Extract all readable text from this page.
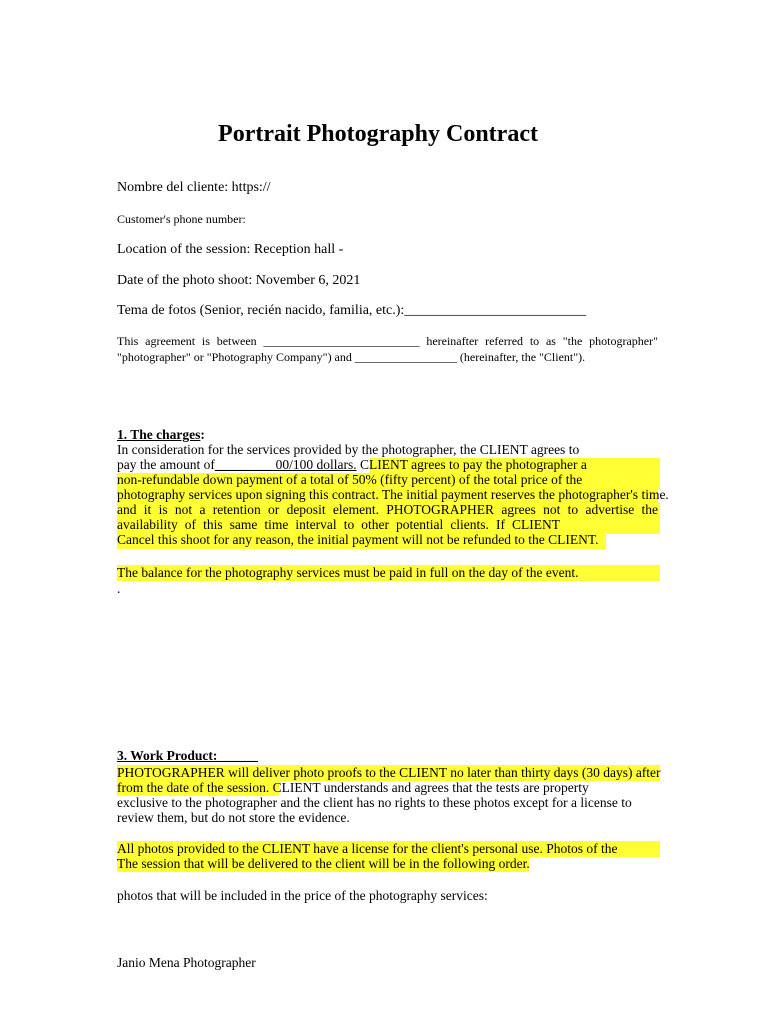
Portrait Photography Contract
Nombre del cliente: https://
Customer's phone number:
Location of the session: Reception hall -
Date of the photo shoot: November 6, 2021
Tema de fotos (Senior, recién nacido, familia, etc.):__________________________
This agreement is between __________________________ hereinafter referred to as "the photographer"
"photographer" or "Photography Company") and _________________ (hereinafter, the "Client").
1. The charges:
In consideration for the services provided by the photographer, the CLIENT agrees to
pay the amount of_________00/100 dollars. CLIENT agrees to pay the photographer a
non-refundable down payment of a total of 50% (fifty percent) of the total price of the
photography services upon signing this contract. The initial payment reserves the photographer's time.
and it is not a retention or deposit element. PHOTOGRAPHER agrees not to advertise the
availability of this same time interval to other potential clients. If CLIENT
Cancel this shoot for any reason, the initial payment will not be refunded to the CLIENT.
The balance for the photography services must be paid in full on the day of the event.
.
3. Work Product:______
PHOTOGRAPHER will deliver photo proofs to the CLIENT no later than thirty days (30 days) after
from the date of the session. CLIENT understands and agrees that the tests are property
exclusive to the photographer and the client has no rights to these photos except for a license to
review them, but do not store the evidence.
All photos provided to the CLIENT have a license for the client's personal use. Photos of the
The session that will be delivered to the client will be in the following order.
photos that will be included in the price of the photography services:
Janio Mena Photographer
